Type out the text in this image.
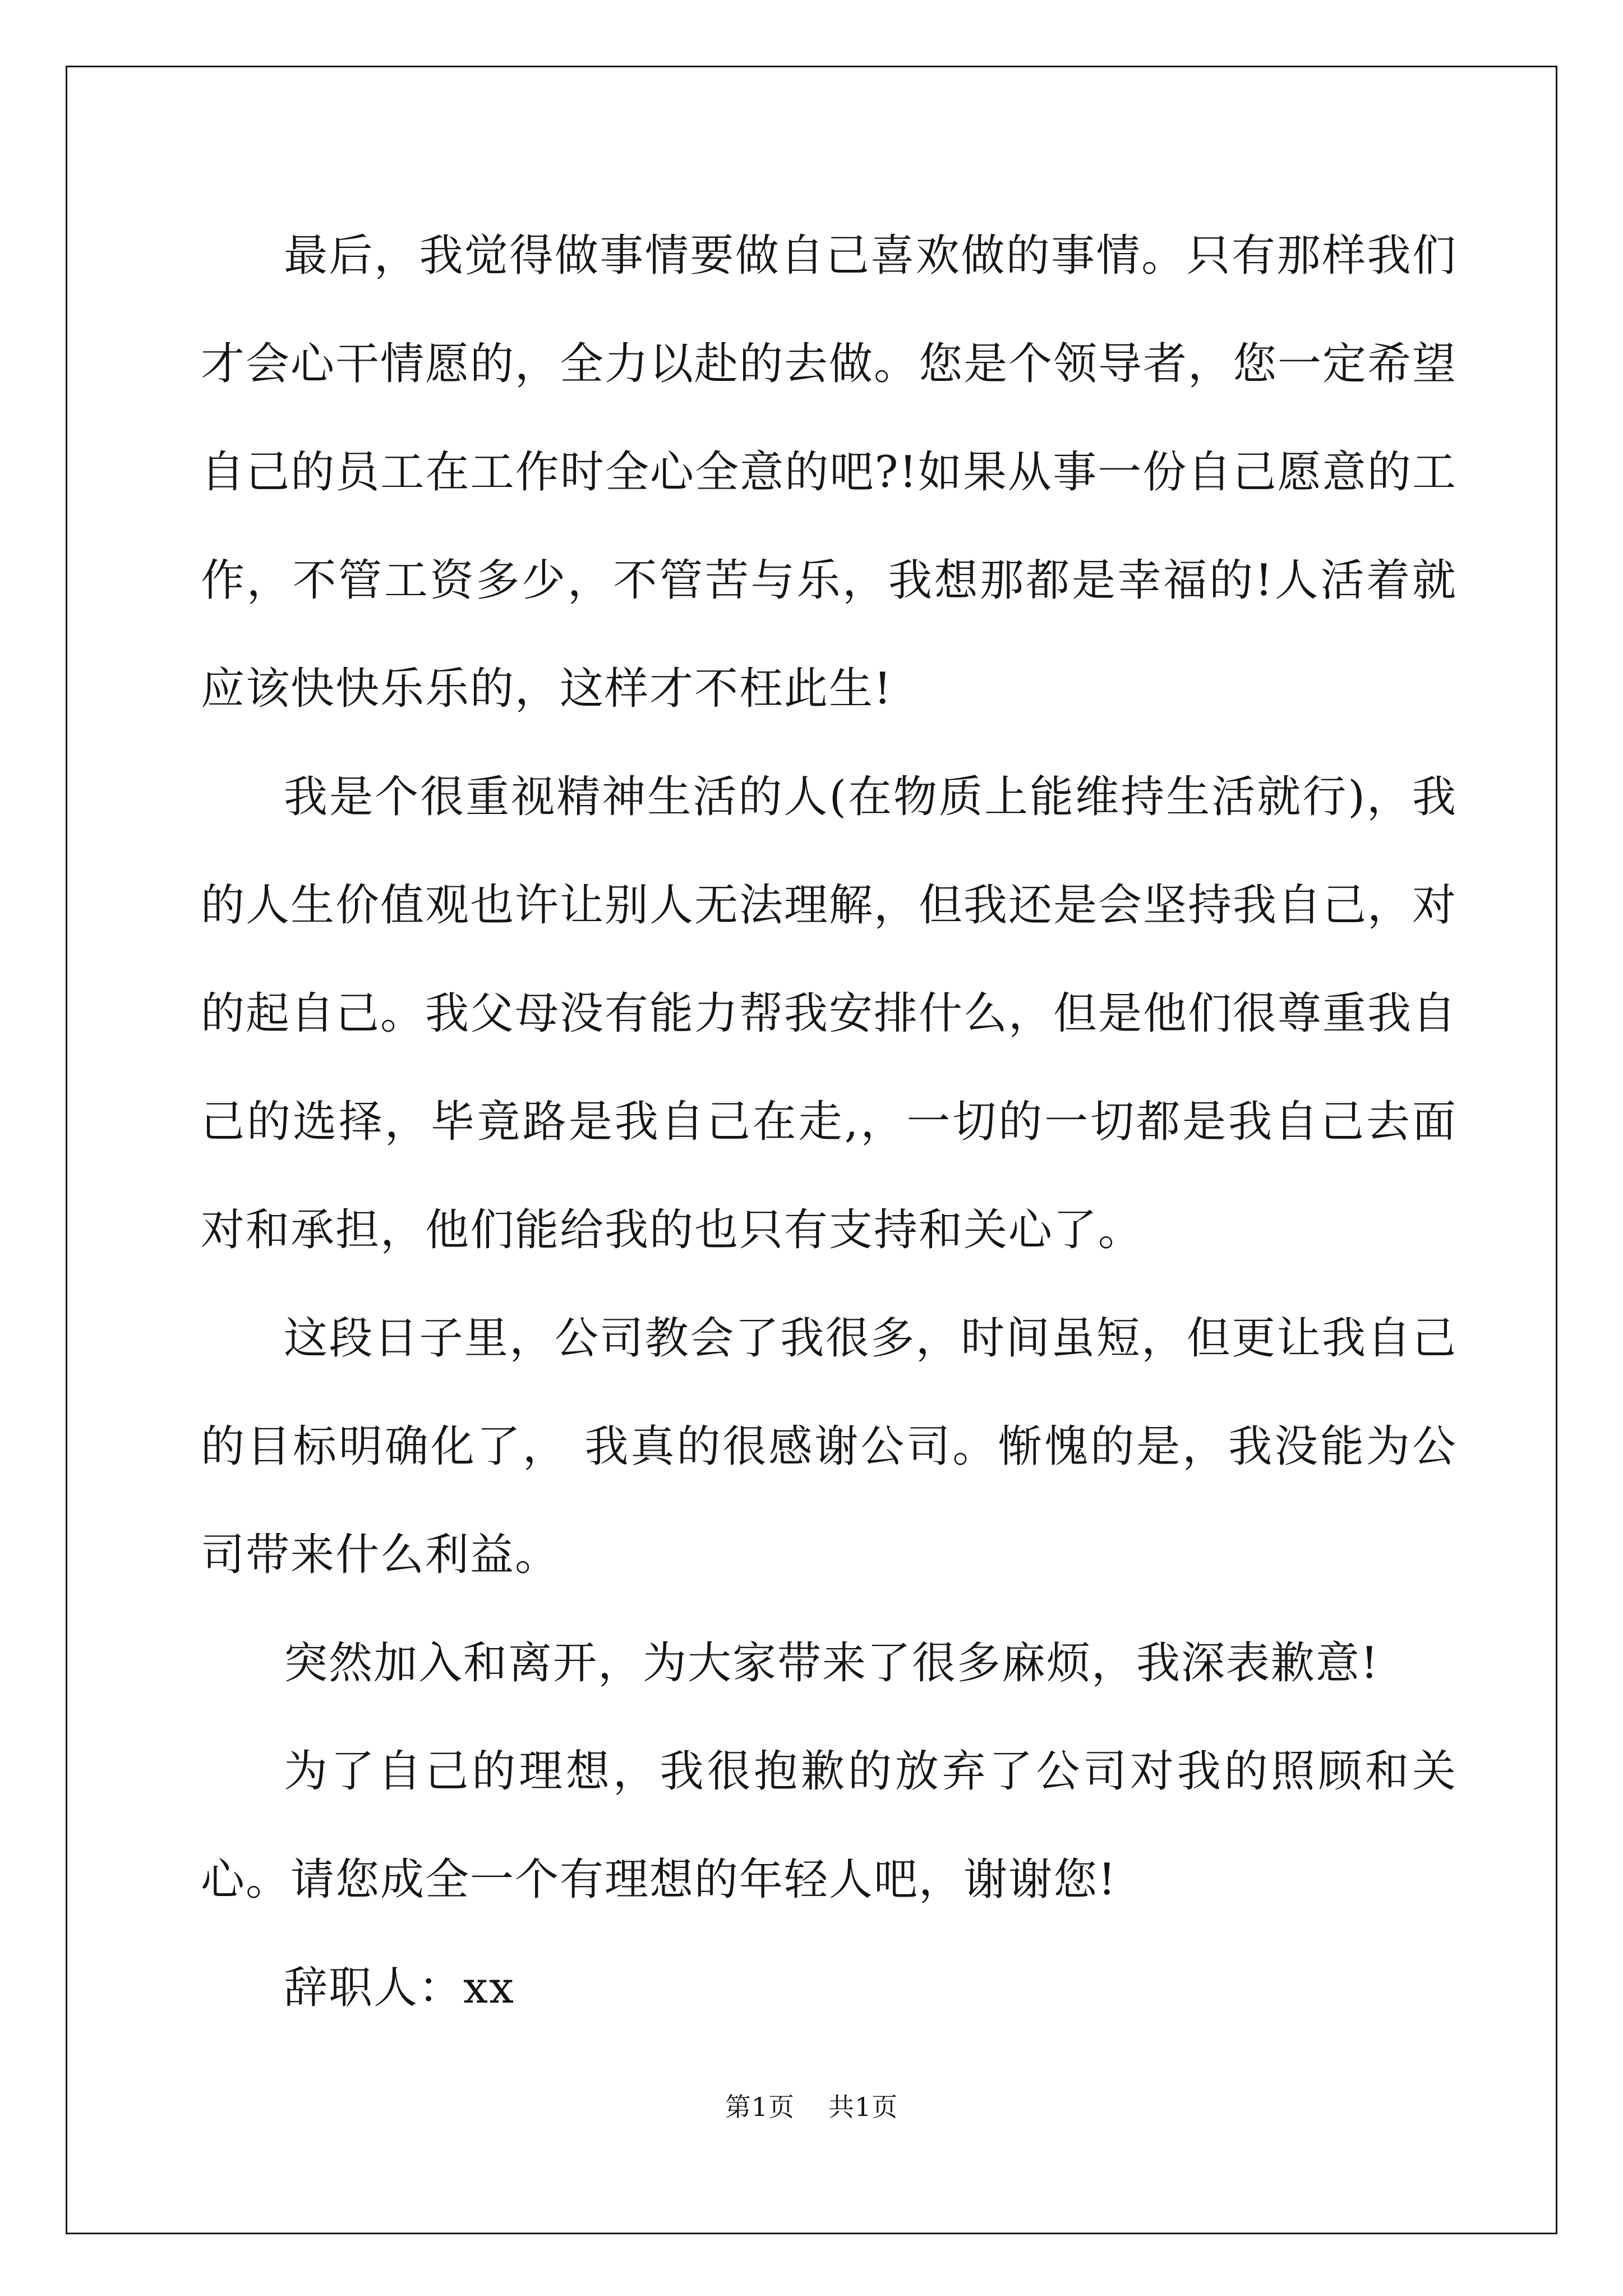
最后，我觉得做事情要做自己喜欢做的事情。只有那样我们才会心干情愿的，全力以赴的去做。您是个领导者，您一定希望自己的员工在工作时全心全意的吧?!如果从事一份自己愿意的工作，不管工资多少，不管苦与乐，我想那都是幸福的!人活着就应该快快乐乐的，这样才不枉此生!

我是个很重视精神生活的人(在物质上能维持生活就行)，我的人生价值观也许让别人无法理解，但我还是会坚持我自己，对的起自己。我父母没有能力帮我安排什么，但是他们很尊重我自己的选择，毕竟路是我自己在走,，一切的一切都是我自己去面对和承担，他们能给我的也只有支持和关心了。

这段日子里，公司教会了我很多，时间虽短，但更让我自己的目标明确化了， 我真的很感谢公司。惭愧的是，我没能为公司带来什么利益。

突然加入和离开，为大家带来了很多麻烦，我深表歉意!

为了自己的理想，我很抱歉的放弃了公司对我的照顾和关心。请您成全一个有理想的年轻人吧，谢谢您!

辞职人：xx

第1页 共1页
